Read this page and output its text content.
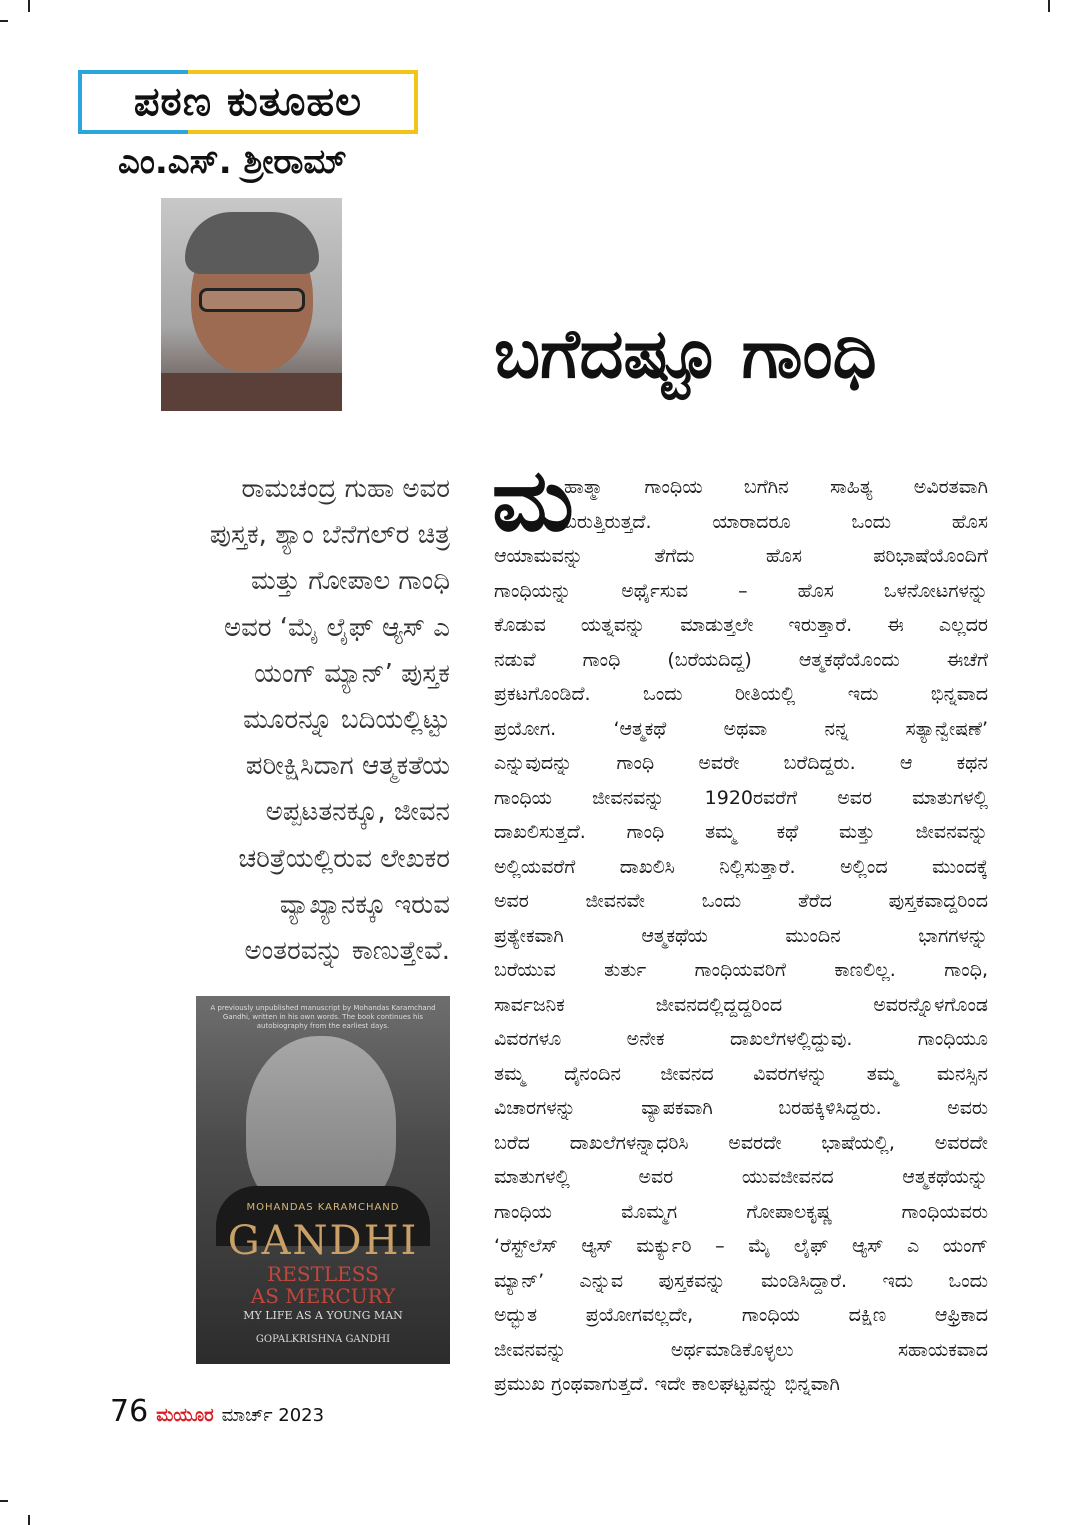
ಪಠಣ ಕುತೂಹಲ
ಎಂ.ಎಸ್. ಶ್ರೀರಾಮ್
ಬಗೆದಷ್ಟೂ ಗಾಂಧಿ
ರಾಮಚಂದ್ರ ಗುಹಾ ಅವರ
ಪುಸ್ತಕ, ಶ್ಯಾಂ ಬೆನೆಗಲ್‌ರ ಚಿತ್ರ
ಮತ್ತು ಗೋಪಾಲ ಗಾಂಧಿ
ಅವರ ‘ಮೈ ಲೈಫ್ ಆ್ಯಸ್ ಎ
ಯಂಗ್ ಮ್ಯಾನ್’ ಪುಸ್ತಕ
ಮೂರನ್ನೂ ಬದಿಯಲ್ಲಿಟ್ಟು
ಪರೀಕ್ಷಿಸಿದಾಗ ಆತ್ಮಕತೆಯ
ಅಪ್ಪಟತನಕ್ಕೂ, ಜೀವನ
ಚರಿತ್ರೆಯಲ್ಲಿರುವ ಲೇಖಕರ
ವ್ಯಾಖ್ಯಾನಕ್ಕೂ ಇರುವ
ಅಂತರವನ್ನು ಕಾಣುತ್ತೇವೆ.
A previously unpublished manuscript by Mohandas Karamchand Gandhi, written in his own words. The book continues his autobiography from the earliest days.
MOHANDAS KARAMCHAND
GANDHI
RESTLESS
AS MERCURY
MY LIFE AS A YOUNG MAN
GOPALKRISHNA GANDHI
ಮ
ಹಾತ್ಮಾ ಗಾಂಧಿಯ ಬಗೆಗಿನ ಸಾಹಿತ್ಯ ಅವಿರತವಾಗಿ
ಬರುತ್ತಿರುತ್ತದೆ. ಯಾರಾದರೂ ಒಂದು ಹೊಸ
ಆಯಾಮವನ್ನು ತೆಗೆದು ಹೊಸ ಪರಿಭಾಷೆಯೊಂದಿಗೆ
ಗಾಂಧಿಯನ್ನು ಅರ್ಥೈಸುವ – ಹೊಸ ಒಳನೋಟಗಳನ್ನು
ಕೊಡುವ ಯತ್ನವನ್ನು ಮಾಡುತ್ತಲೇ ಇರುತ್ತಾರೆ. ಈ ಎಲ್ಲದರ
ನಡುವೆ ಗಾಂಧಿ (ಬರೆಯದಿದ್ದ) ಆತ್ಮಕಥೆಯೊಂದು ಈಚೆಗೆ
ಪ್ರಕಟಗೊಂಡಿದೆ. ಒಂದು ರೀತಿಯಲ್ಲಿ ಇದು ಭಿನ್ನವಾದ
ಪ್ರಯೋಗ. ‘ಆತ್ಮಕಥೆ ಅಥವಾ ನನ್ನ ಸತ್ಯಾನ್ವೇಷಣೆ’
ಎನ್ನುವುದನ್ನು ಗಾಂಧಿ ಅವರೇ ಬರೆದಿದ್ದರು. ಆ ಕಥನ
ಗಾಂಧಿಯ ಜೀವನವನ್ನು 1920ರವರೆಗೆ ಅವರ ಮಾತುಗಳಲ್ಲಿ
ದಾಖಲಿಸುತ್ತದೆ. ಗಾಂಧಿ ತಮ್ಮ ಕಥೆ ಮತ್ತು ಜೀವನವನ್ನು
ಅಲ್ಲಿಯವರೆಗೆ ದಾಖಲಿಸಿ ನಿಲ್ಲಿಸುತ್ತಾರೆ. ಅಲ್ಲಿಂದ ಮುಂದಕ್ಕೆ
ಅವರ ಜೀವನವೇ ಒಂದು ತೆರೆದ ಪುಸ್ತಕವಾದ್ದರಿಂದ
ಪ್ರತ್ಯೇಕವಾಗಿ ಆತ್ಮಕಥೆಯ ಮುಂದಿನ ಭಾಗಗಳನ್ನು
ಬರೆಯುವ ತುರ್ತು ಗಾಂಧಿಯವರಿಗೆ ಕಾಣಲಿಲ್ಲ. ಗಾಂಧಿ,
ಸಾರ್ವಜನಿಕ ಜೀವನದಲ್ಲಿದ್ದದ್ದರಿಂದ ಅವರನ್ನೊಳಗೊಂಡ
ವಿವರಗಳೂ ಅನೇಕ ದಾಖಲೆಗಳಲ್ಲಿದ್ದುವು. ಗಾಂಧಿಯೂ
ತಮ್ಮ ದೈನಂದಿನ ಜೀವನದ ವಿವರಗಳನ್ನು ತಮ್ಮ ಮನಸ್ಸಿನ
ವಿಚಾರಗಳನ್ನು ವ್ಯಾಪಕವಾಗಿ ಬರಹಕ್ಕಿಳಿಸಿದ್ದರು. ಅವರು
ಬರೆದ ದಾಖಲೆಗಳನ್ನಾಧರಿಸಿ ಅವರದೇ ಭಾಷೆಯಲ್ಲಿ, ಅವರದೇ
ಮಾತುಗಳಲ್ಲಿ ಅವರ ಯುವಜೀವನದ ಆತ್ಮಕಥೆಯನ್ನು
ಗಾಂಧಿಯ ಮೊಮ್ಮಗ ಗೋಪಾಲಕೃಷ್ಣ ಗಾಂಧಿಯವರು
‘ರೆಸ್ಟ್‌ಲೆಸ್ ಆ್ಯಸ್ ಮರ್ಕ್ಯುರಿ – ಮೈ ಲೈಫ್ ಆ್ಯಸ್ ಎ ಯಂಗ್
ಮ್ಯಾನ್’ ಎನ್ನುವ ಪುಸ್ತಕವನ್ನು ಮಂಡಿಸಿದ್ದಾರೆ. ಇದು ಒಂದು
ಅದ್ಭುತ ಪ್ರಯೋಗವಲ್ಲದೇ, ಗಾಂಧಿಯ ದಕ್ಷಿಣ ಆಫ್ರಿಕಾದ
ಜೀವನವನ್ನು ಅರ್ಥಮಾಡಿಕೊಳ್ಳಲು ಸಹಾಯಕವಾದ
ಪ್ರಮುಖ ಗ್ರಂಥವಾಗುತ್ತದೆ. ಇದೇ ಕಾಲಘಟ್ಟವನ್ನು ಭಿನ್ನವಾಗಿ
76 ಮಯೂರ ಮಾರ್ಚ್ 2023
